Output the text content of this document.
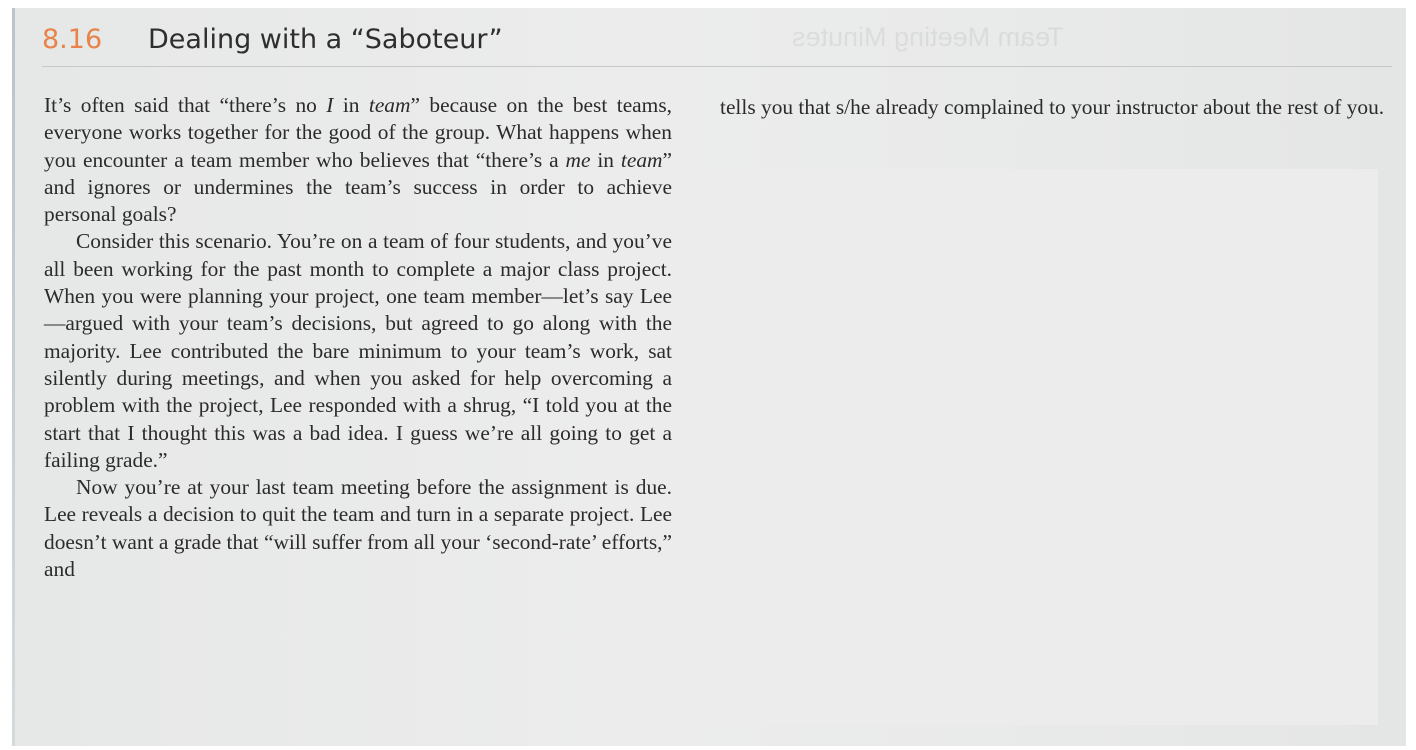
Team Meeting Minutes
8.16 Dealing with a “Saboteur”

It’s often said that “there’s no I in team” because on the best teams, everyone works together for the good of the group. What happens when you encounter a team member who believes that “there’s a me in team” and ignores or undermines the team’s success in order to achieve personal goals?

Consider this scenario. You’re on a team of four students, and you’ve all been working for the past month to complete a major class project. When you were planning your project, one team member—let’s say Lee—argued with your team’s decisions, but agreed to go along with the majority. Lee contributed the bare minimum to your team’s work, sat silently during meetings, and when you asked for help overcoming a problem with the project, Lee responded with a shrug, “I told you at the start that I thought this was a bad idea. I guess we’re all going to get a failing grade.”

Now you’re at your last team meeting before the assignment is due. Lee reveals a decision to quit the team and turn in a separate project. Lee doesn’t want a grade that “will suffer from all your ‘second-rate’ efforts,” and

tells you that s/he already complained to your instructor about the rest of you.
